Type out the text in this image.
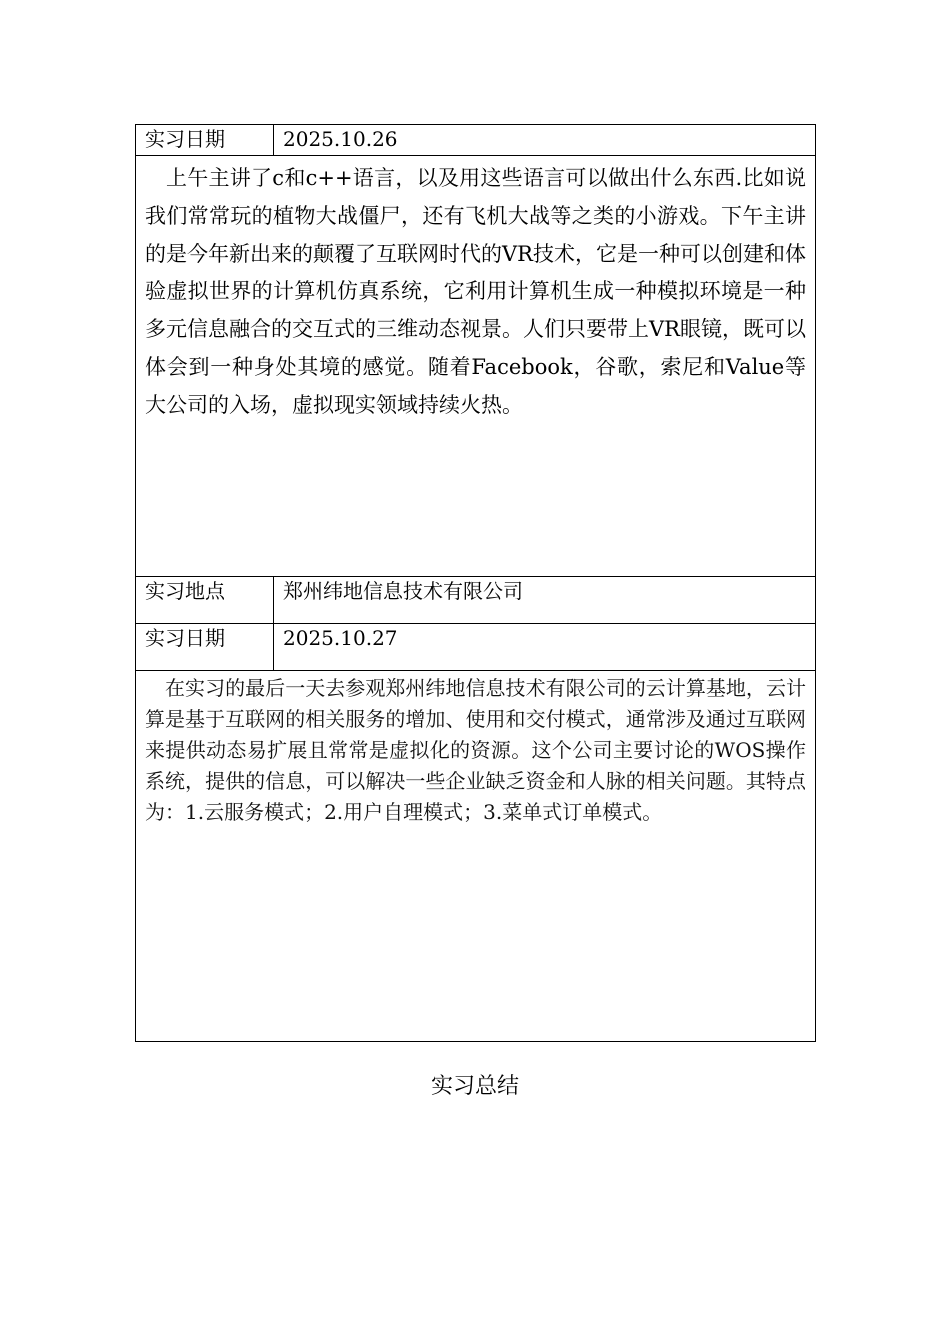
实习日期	2025.10.26

上午主讲了c和c++语言，以及用这些语言可以做出什么东西.比如说我们常常玩的植物大战僵尸，还有飞机大战等之类的小游戏。下午主讲的是今年新出来的颠覆了互联网时代的VR技术，它是一种可以创建和体验虚拟世界的计算机仿真系统，它利用计算机生成一种模拟环境是一种多元信息融合的交互式的三维动态视景。人们只要带上VR眼镜，既可以体会到一种身处其境的感觉。随着Facebook，谷歌，索尼和Value等大公司的入场，虚拟现实领域持续火热。	

实习地点	郑州纬地信息技术有限公司

实习日期	2025.10.27

在实习的最后一天去参观郑州纬地信息技术有限公司的云计算基地，云计算是基于互联网的相关服务的增加、使用和交付模式，通常涉及通过互联网来提供动态易扩展且常常是虚拟化的资源。这个公司主要讨论的WOS操作系统，提供的信息，可以解决一些企业缺乏资金和人脉的相关问题。其特点为：1.云服务模式；2.用户自理模式；3.菜单式订单模式。	
实习总结
